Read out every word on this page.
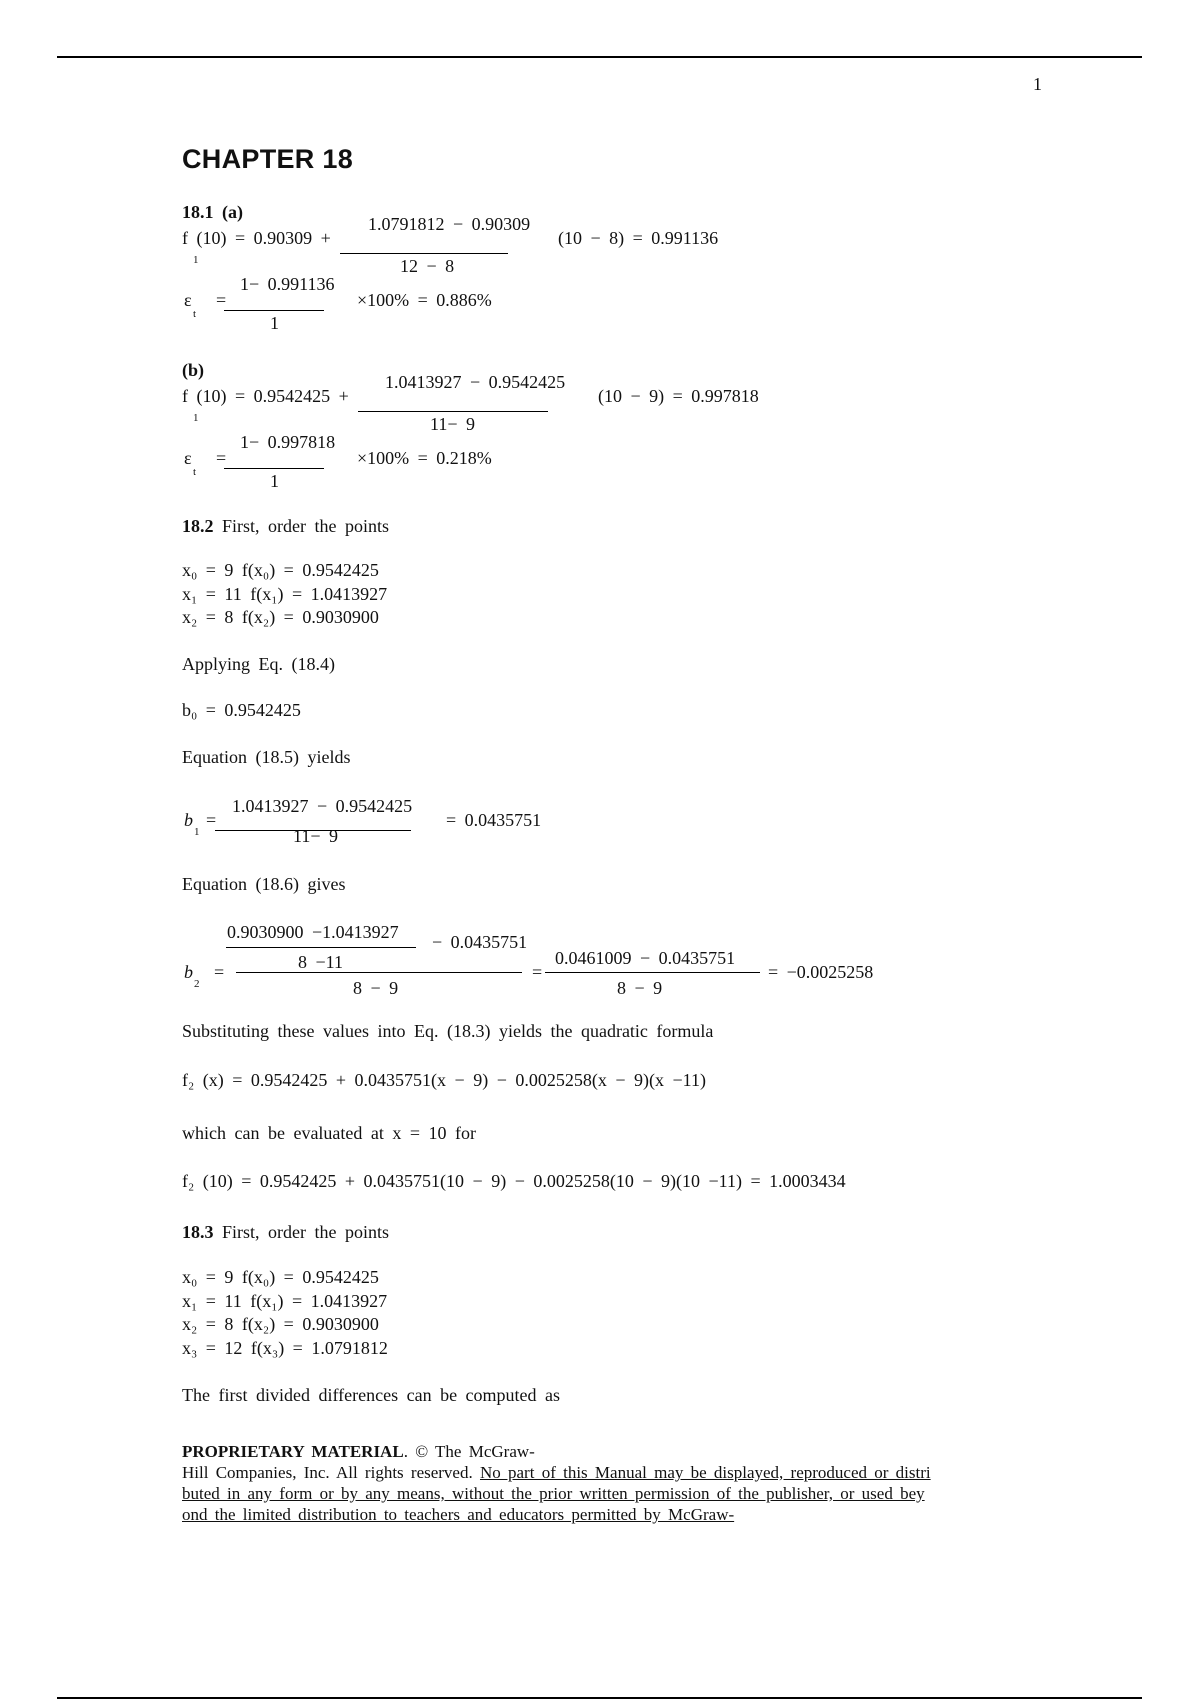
1
CHAPTER 18
18.1 (a)
f (10) = 0.90309 +
1
1.0791812 − 0.90309
12 − 8
(10 − 8) = 0.991136
ε
t
=
1− 0.991136
1
×100% = 0.886%
(b)
f (10) = 0.9542425 +
1
1.0413927 − 0.9542425
11− 9
(10 − 9) = 0.997818
ε
t
=
1− 0.997818
1
×100% = 0.218%
18.2 First, order the points
x₀ = 9 f(x₀) = 0.9542425
x₁ = 11 f(x₁) = 1.0413927
x₂ = 8 f(x₂) = 0.9030900
Applying Eq. (18.4)
b₀ = 0.9542425
Equation (18.5) yields
b
1
=
1.0413927 − 0.9542425
11− 9
= 0.0435751
Equation (18.6) gives
0.9030900 −1.0413927 − 0.0435751
8 −11
b
2
=
8 − 9
=
0.0461009 − 0.0435751
8 − 9
= −0.0025258
Substituting these values into Eq. (18.3) yields the quadratic formula
f₂ (x) = 0.9542425 + 0.0435751(x − 9) − 0.0025258(x − 9)(x −11)
which can be evaluated at x = 10 for
f₂ (10) = 0.9542425 + 0.0435751(10 − 9) − 0.0025258(10 − 9)(10 −11) = 1.0003434
18.3 First, order the points
x₀ = 9 f(x₀) = 0.9542425
x₁ = 11 f(x₁) = 1.0413927
x₂ = 8 f(x₂) = 0.9030900
x₃ = 12 f(x₃) = 1.0791812
The first divided differences can be computed as
PROPRIETARY MATERIAL. © The McGraw-
Hill Companies, Inc. All rights reserved. No part of this Manual may be displayed, reproduced or distri
buted in any form or by any means, without the prior written permission of the publisher, or used bey
ond the limited distribution to teachers and educators permitted by McGraw-
